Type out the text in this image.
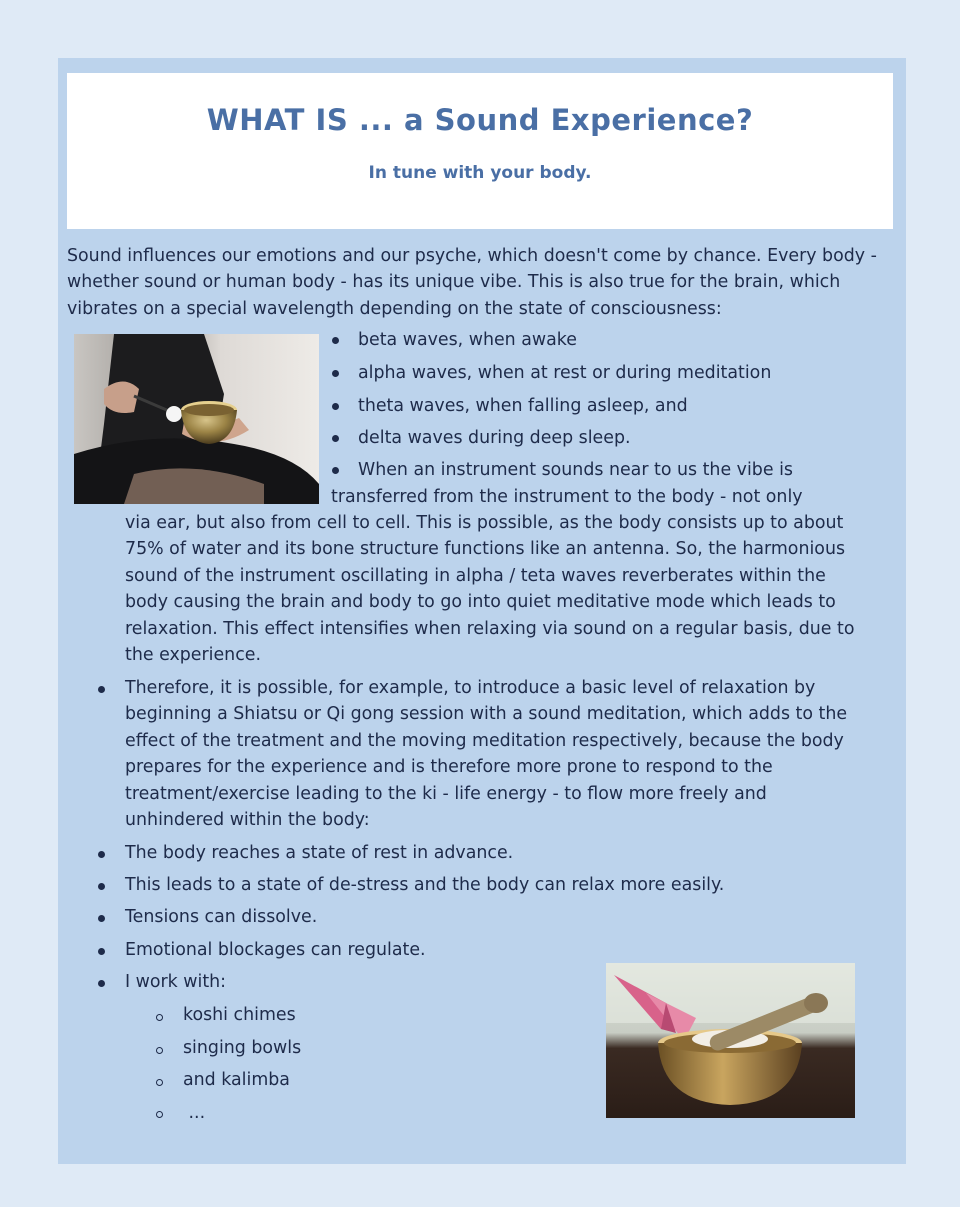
WHAT IS ... a Sound Experience?
In tune with your body.

Sound influences our emotions and our psyche, which doesn't come by chance. Every body - whether sound or human body - has its unique vibe. This is also true for the brain, which vibrates on a special wavelength depending on the state of consciousness:

beta waves, when awake

alpha waves, when at rest or during meditation

theta waves, when falling asleep, and

delta waves during deep sleep.

When an instrument sounds near to us the vibe is

transferred from the instrument to the body - not only

via ear, but also from cell to cell. This is possible, as the body consists up to about 75% of water and its bone structure functions like an antenna. So, the harmonious sound of the instrument oscillating in alpha / teta waves reverberates within the body causing the brain and body to go into quiet meditative mode which leads to relaxation. This effect intensifies when relaxing via sound on a regular basis, due to the experience.

Therefore, it is possible, for example, to introduce a basic level of relaxation by beginning a Shiatsu or Qi gong session with a sound meditation, which adds to the effect of the treatment and the moving meditation respectively, because the body prepares for the experience and is therefore more prone to respond to the treatment/exercise leading to the ki - life energy - to flow more freely and unhindered within the body:

The body reaches a state of rest in advance.

This leads to a state of de-stress and the body can relax more easily.

Tensions can dissolve.

Emotional blockages can regulate.

I work with:

koshi chimes

singing bowls

and kalimba

...
